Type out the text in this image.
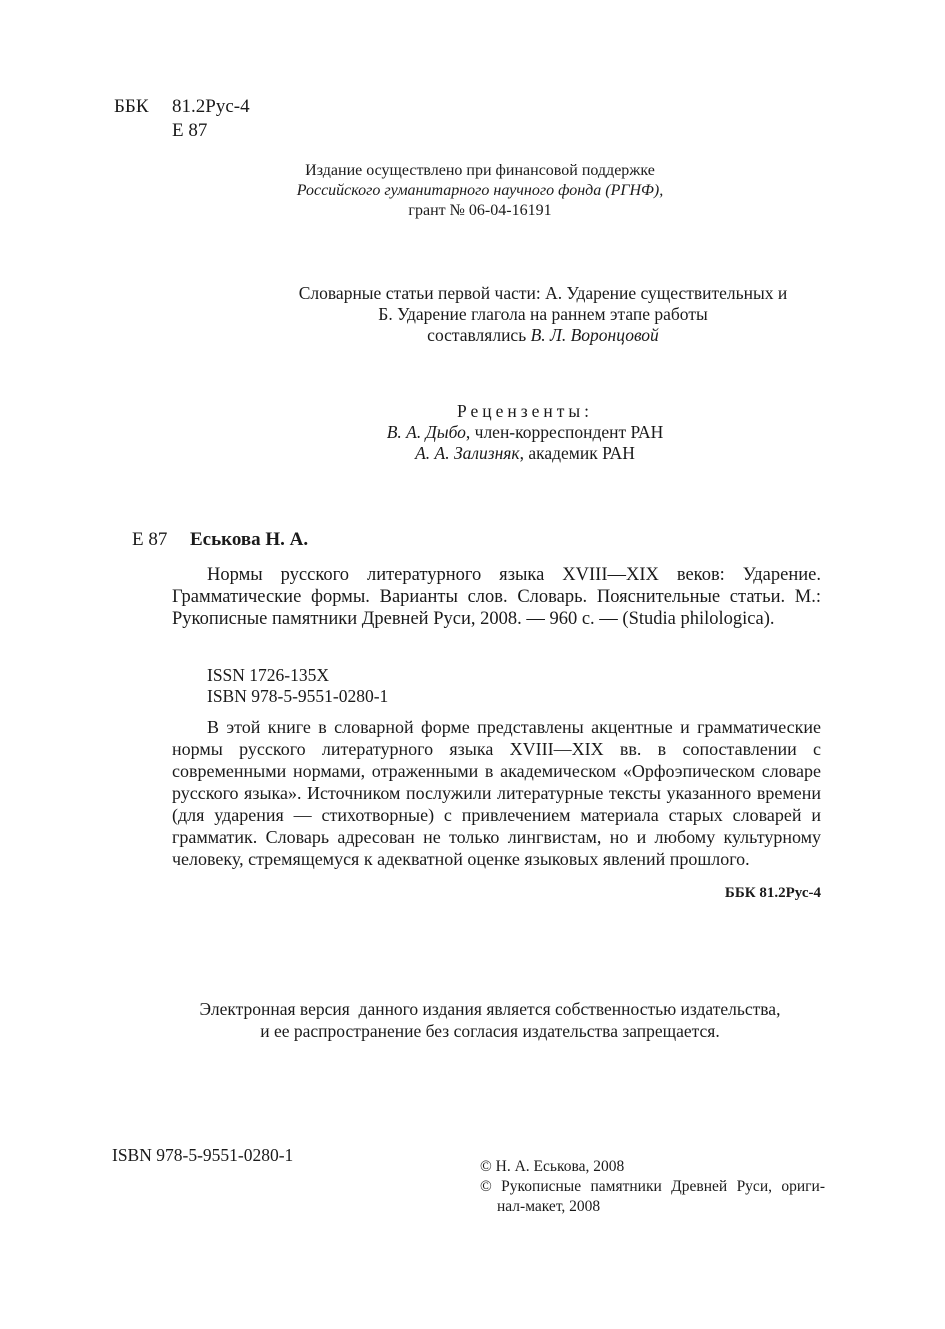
ББК 81.2Рус-4
Е 87
Издание осуществлено при финансовой поддержке
Российского гуманитарного научного фонда (РГНФ),
грант № 06-04-16191
Словарные статьи первой части: А. Ударение существительных и
Б. Ударение глагола на раннем этапе работы
составлялись В. Л. Воронцовой
Рецензенты:
В. А. Дыбо, член-корреспондент РАН
А. А. Зализняк, академик РАН
Е 87 Еськова Н. А.
Нормы русского литературного языка XVIII—XIX веков: Ударение. Грамматические формы. Варианты слов. Словарь. Пояснительные статьи. М.: Рукописные памятники Древней Руси, 2008. — 960 с. — (Studia philologica).
ISSN 1726-135X
ISBN 978-5-9551-0280-1
В этой книге в словарной форме представлены акцентные и грамматические нормы русского литературного языка XVIII—XIX вв. в сопоставлении с современными нормами, отраженными в академическом «Орфоэпическом словаре русского языка». Источником послужили литературные тексты указанного времени (для ударения — стихотворные) с привлечением материала старых словарей и грамматик. Словарь адресован не только лингвистам, но и любому культурному человеку, стремящемуся к адекватной оценке языковых явлений прошлого.
ББК 81.2Рус-4
Электронная версия  данного издания является собственностью издательства,
и ее распространение без согласия издательства запрещается.
ISBN 978-5-9551-0280-1
© Н. А. Еськова, 2008
© Рукописные памятники Древней Руси, ориги-
нал-макет, 2008
